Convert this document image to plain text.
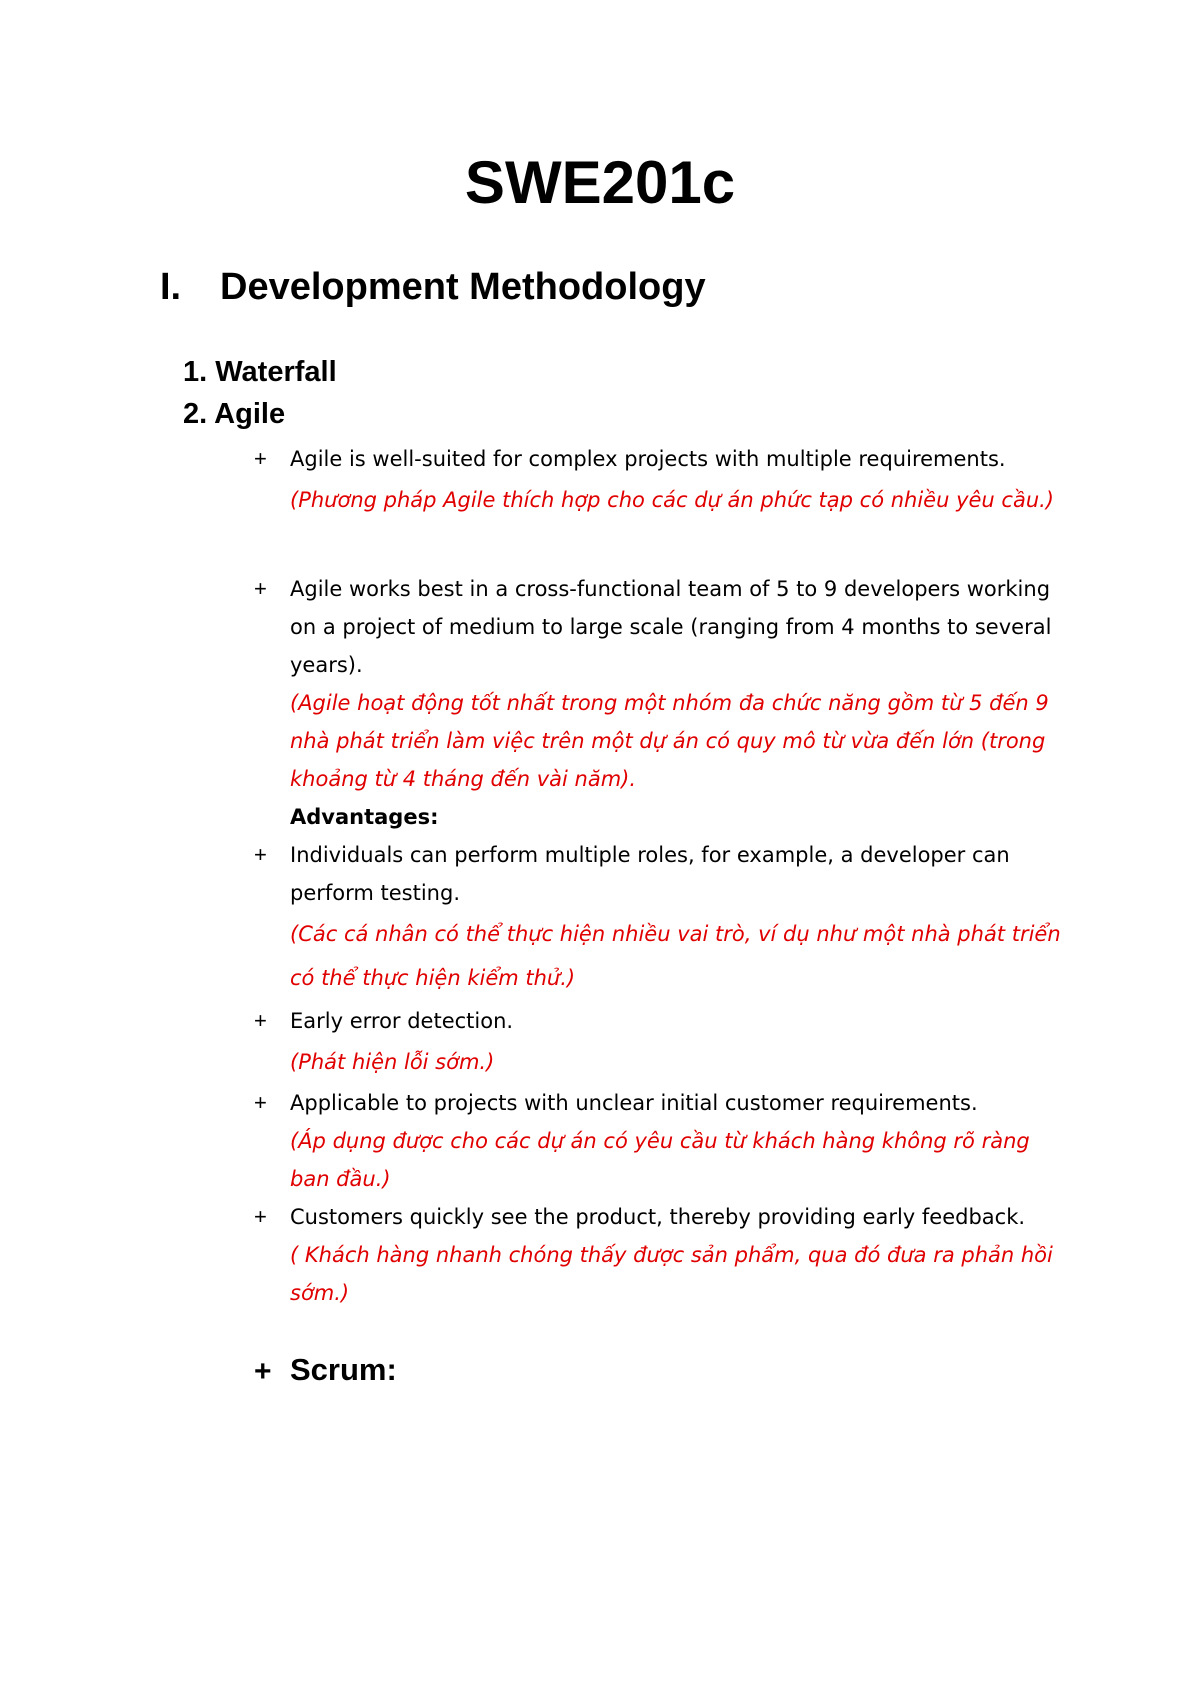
SWE201c
I. Development Methodology
1. Waterfall
2. Agile
+ Agile is well-suited for complex projects with multiple requirements.
(Phương pháp Agile thích hợp cho các dự án phức tạp có nhiều yêu cầu.)
+ Agile works best in a cross-functional team of 5 to 9 developers working on a project of medium to large scale (ranging from 4 months to several years).
(Agile hoạt động tốt nhất trong một nhóm đa chức năng gồm từ 5 đến 9 nhà phát triển làm việc trên một dự án có quy mô từ vừa đến lớn (trong khoảng từ 4 tháng đến vài năm).
Advantages:
+ Individuals can perform multiple roles, for example, a developer can perform testing.
(Các cá nhân có thể thực hiện nhiều vai trò, ví dụ như một nhà phát triển có thể thực hiện kiểm thử.)
+ Early error detection.
(Phát hiện lỗi sớm.)
+ Applicable to projects with unclear initial customer requirements.
(Áp dụng được cho các dự án có yêu cầu từ khách hàng không rõ ràng ban đầu.)
+ Customers quickly see the product, thereby providing early feedback.
( Khách hàng nhanh chóng thấy được sản phẩm, qua đó đưa ra phản hồi sớm.)
+ Scrum:
